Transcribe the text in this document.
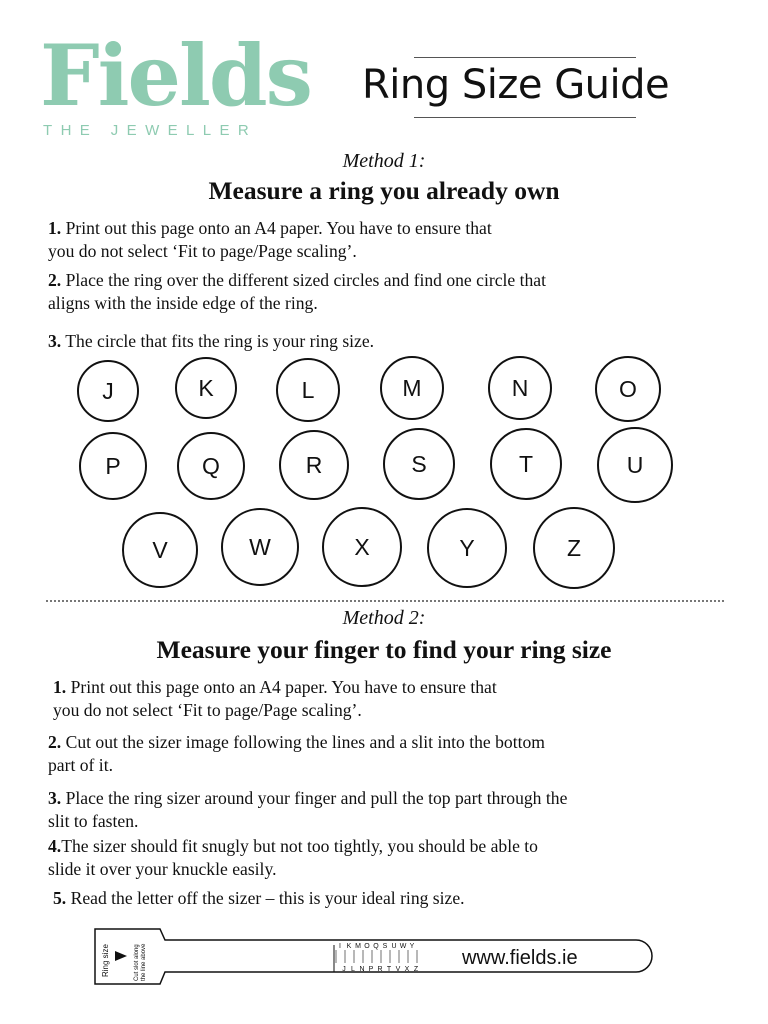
Fields
THE JEWELLER
Ring Size Guide
Method 1:
Measure a ring you already own
1. Print out this page onto an A4 paper. You have to ensure that
you do not select ‘Fit to page/Page scaling’.
2. Place the ring over the different sized circles and find one circle that
aligns with the inside edge of the ring.
3. The circle that fits the ring is your ring size.
J	K	L	M	N	O
P	Q	R	S	T	U
V	W	X	Y	Z
Method 2:
Measure your finger to find your ring size
1. Print out this page onto an A4 paper. You have to ensure that
you do not select ‘Fit to page/Page scaling’.
2. Cut out the sizer image following the lines and a slit into the bottom
part of it.
3. Place the ring sizer around your finger and pull the top part through the
slit to fasten.
4.The sizer should fit snugly but not too tightly, you should be able to
slide it over your knuckle easily.
5. Read the letter off the sizer – this is your ideal ring size.
Ring size	Cut slot along the line above	I K M O Q S U W Y
J L N P R T V X Z
www.fields.ie
